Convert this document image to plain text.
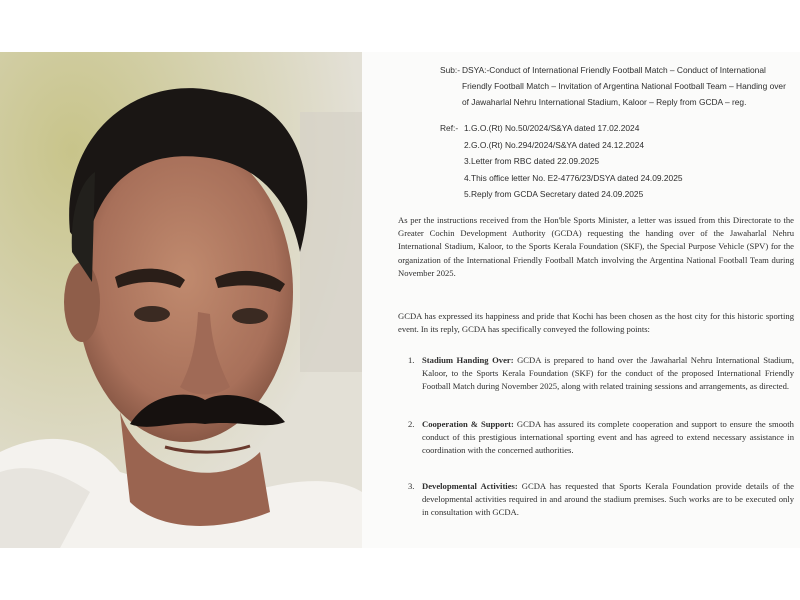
Sub:- DSYA:-Conduct of International Friendly Football Match – Conduct of International Friendly Football Match – Invitation of Argentina National Football Team – Handing over of Jawaharlal Nehru International Stadium, Kaloor – Reply from GCDA – reg.
Ref:- 1.G.O.(Rt) No.50/2024/S&YA dated 17.02.2024
2.G.O.(Rt) No.294/2024/S&YA dated 24.12.2024
3.Letter from RBC dated 22.09.2025
4.This office letter No. E2-4776/23/DSYA dated 24.09.2025
5.Reply from GCDA Secretary dated 24.09.2025
As per the instructions received from the Hon'ble Sports Minister, a letter was issued from this Directorate to the Greater Cochin Development Authority (GCDA) requesting the handing over of the Jawaharlal Nehru International Stadium, Kaloor, to the Sports Kerala Foundation (SKF), the Special Purpose Vehicle (SPV) for the organization of the International Friendly Football Match involving the Argentina National Football Team during November 2025.
GCDA has expressed its happiness and pride that Kochi has been chosen as the host city for this historic sporting event. In its reply, GCDA has specifically conveyed the following points:
1. Stadium Handing Over: GCDA is prepared to hand over the Jawaharlal Nehru International Stadium, Kaloor, to the Sports Kerala Foundation (SKF) for the conduct of the proposed International Friendly Football Match during November 2025, along with related training sessions and arrangements, as directed.
2. Cooperation & Support: GCDA has assured its complete cooperation and support to ensure the smooth conduct of this prestigious international sporting event and has agreed to extend necessary assistance in coordination with the concerned authorities.
3. Developmental Activities: GCDA has requested that Sports Kerala Foundation provide details of the developmental activities required in and around the stadium premises. Such works are to be executed only in consultation with GCDA.
